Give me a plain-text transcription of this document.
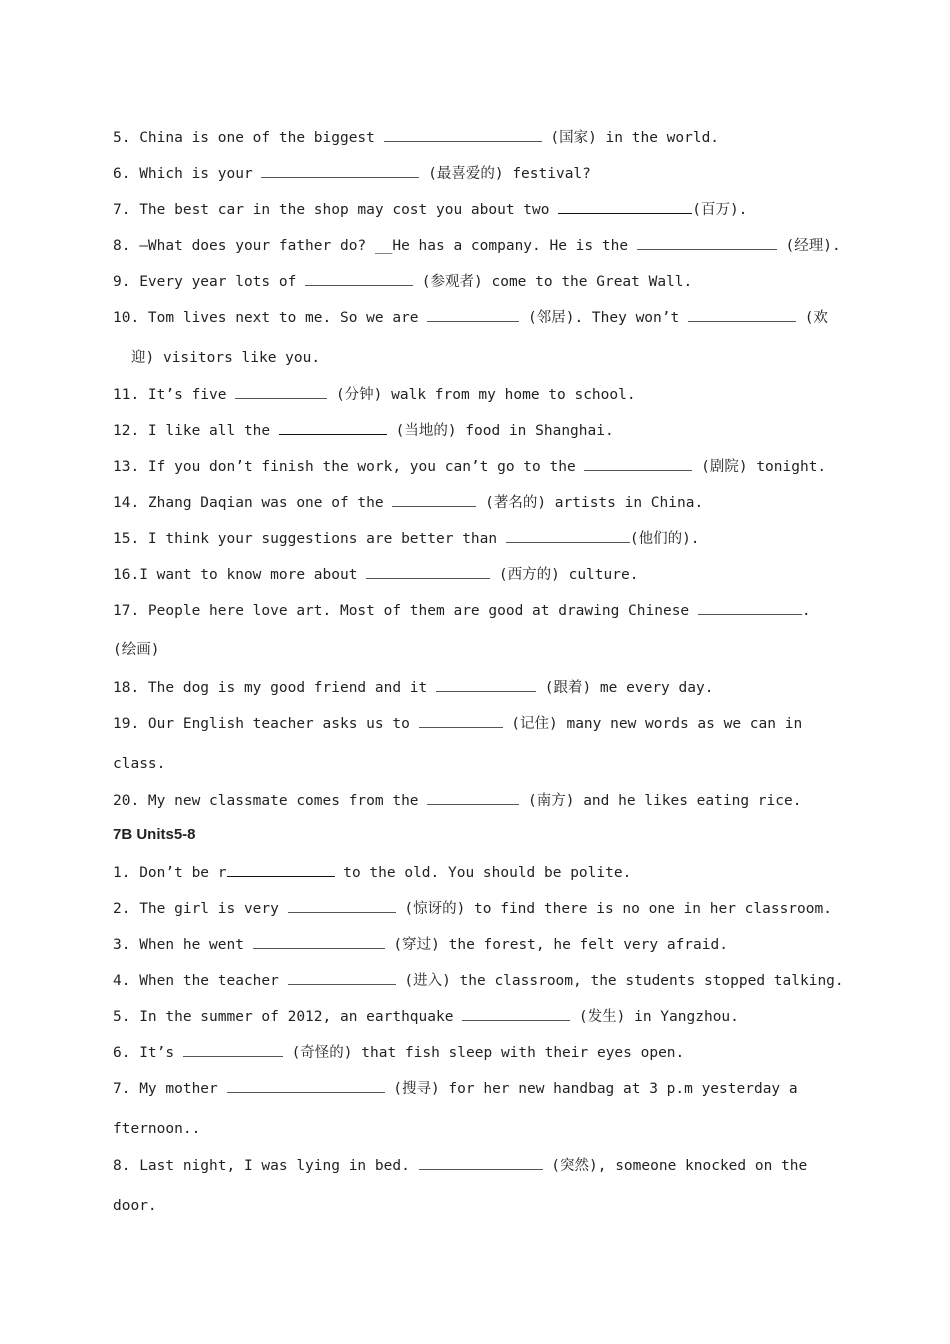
5. China is one of the biggest	(国家) in the world.
6. Which is your	(最喜爱的) festival?
7. The best car in the shop may cost you about two	(百万).
8. —What does your father do? __He has a company. He is the	(经理).
9. Every year lots of	(参观者) come to the Great Wall.
10. Tom lives next to me. So we are	(邻居). They won’t	(欢
迎) visitors like you.
11. It’s five	(分钟) walk from my home to school.
12. I like all the	(当地的) food in Shanghai.
13. If you don’t finish the work, you can’t go to the	(剧院) tonight.
14. Zhang Daqian was one of the	(著名的) artists in China.
15. I think your suggestions are better than	(他们的).
16.I want to know more about	(西方的) culture.
17. People here love art. Most of them are good at drawing Chinese	.
(绘画)
18. The dog is my good friend and it	(跟着) me every day.
19. Our English teacher asks us to	(记住) many new words as we can in
class.
20. My new classmate comes from the	(南方) and he likes eating rice.
7B Units5-8
1. Don’t be r	to the old. You should be polite.
2. The girl is very	(惊讶的) to find there is no one in her classroom.
3. When he went	(穿过) the forest, he felt very afraid.
4. When the teacher	(进入) the classroom, the students stopped talking.
5. In the summer of 2012, an earthquake	(发生) in Yangzhou.
6. It’s	(奇怪的) that fish sleep with their eyes open.
7. My mother	(搜寻) for her new handbag at 3 p.m yesterday a
fternoon..
8. Last night, I was lying in bed.	(突然), someone knocked on the
door.
